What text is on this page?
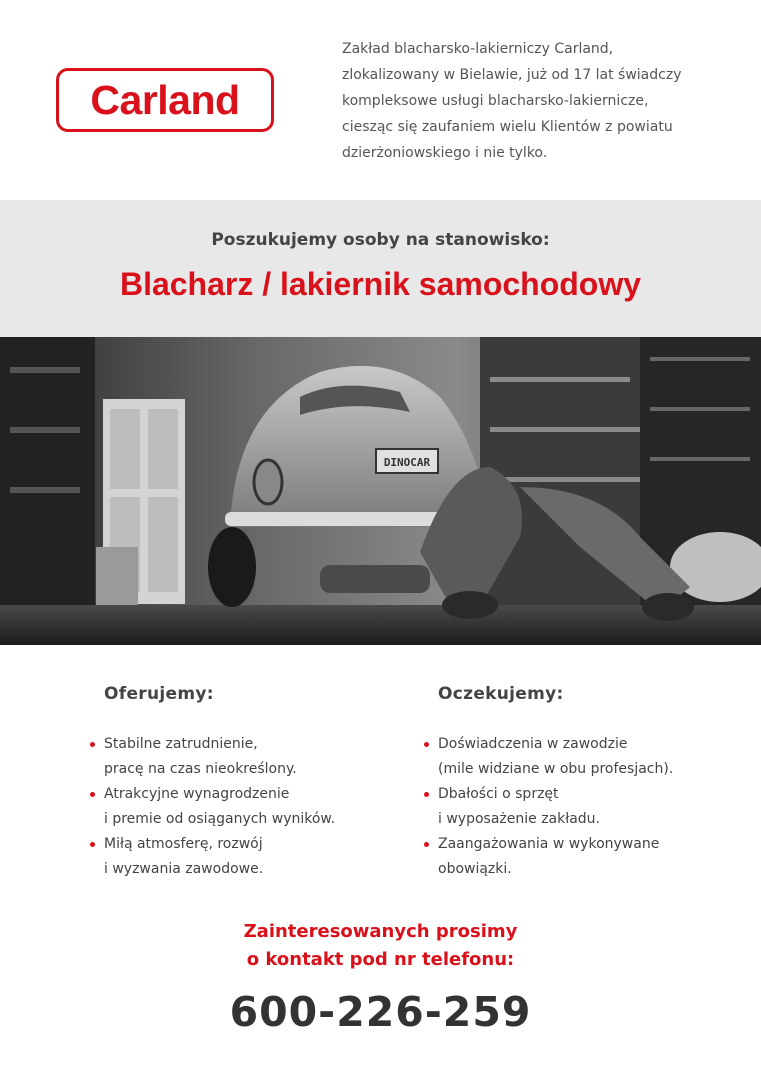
Carland
Zakład blacharsko-lakierniczy Carland,
zlokalizowany w Bielawie, już od 17 lat świadczy
kompleksowe usługi blacharsko-lakiernicze,
ciesząc się zaufaniem wielu Klientów z powiatu
dzierżoniowskiego i nie tylko.
Poszukujemy osoby na stanowisko:
Blacharz / lakiernik samochodowy
DINOCAR
Oferujemy:
Stabilne zatrudnienie,
pracę na czas nieokreślony.
Atrakcyjne wynagrodzenie
i premie od osiąganych wyników.
Miłą atmosferę, rozwój
i wyzwania zawodowe.
Oczekujemy:
Doświadczenia w zawodzie
(mile widziane w obu profesjach).
Dbałości o sprzęt
i wyposażenie zakładu.
Zaangażowania w wykonywane
obowiązki.
Zainteresowanych prosimy
o kontakt pod nr telefonu:
600-226-259
